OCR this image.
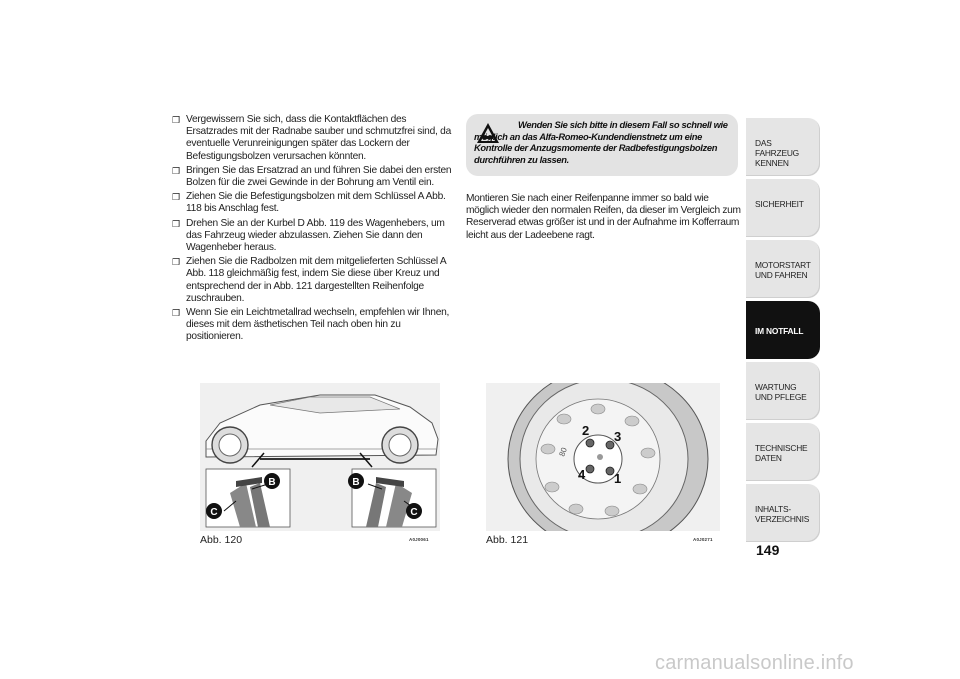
❒ Vergewissern Sie sich, dass die Kontaktflächen des Ersatzrades mit der Radnabe sauber und schmutzfrei sind, da eventuelle Verunreinigungen später das Lockern der Befestigungsbolzen verursachen könnten.
❒ Bringen Sie das Ersatzrad an und führen Sie dabei den ersten Bolzen für die zwei Gewinde in der Bohrung am Ventil ein.
❒ Ziehen Sie die Befestigungsbolzen mit dem Schlüssel A Abb. 118 bis Anschlag fest.
❒ Drehen Sie an der Kurbel D Abb. 119 des Wagenhebers, um das Fahrzeug wieder abzulassen. Ziehen Sie dann den Wagenheber heraus.
❒ Ziehen Sie die Radbolzen mit dem mitgelieferten Schlüssel A Abb. 118 gleichmäßig fest, indem Sie diese über Kreuz und entsprechend der in Abb. 121 dargestellten Reihenfolge zuschrauben.
❒ Wenn Sie ein Leichtmetallrad wechseln, empfehlen wir Ihnen, dieses mit dem ästhetischen Teil nach oben hin zu positionieren.
Wenden Sie sich bitte in diesem Fall so schnell wie möglich an das Alfa-Romeo-Kundendienstnetz um eine Kontrolle der Anzugsmomente der Radbefestigungsbolzen durchführen zu lassen.
Montieren Sie nach einer Reifenpanne immer so bald wie möglich wieder den normalen Reifen, da dieser im Vergleich zum Reserverad etwas größer ist und in der Aufnahme im Kofferraum leicht aus der Ladeebene ragt.
B
C
B
C
Abb. 120	A0J0061
80
2 3
4 1
Abb. 121	A0J0271
DAS FAHRZEUG KENNEN
SICHERHEIT
MOTORSTART UND FAHREN
IM NOTFALL
WARTUNG UND PFLEGE
TECHNISCHE DATEN
INHALTS-VERZEICHNIS
149
carmanualsonline.info
